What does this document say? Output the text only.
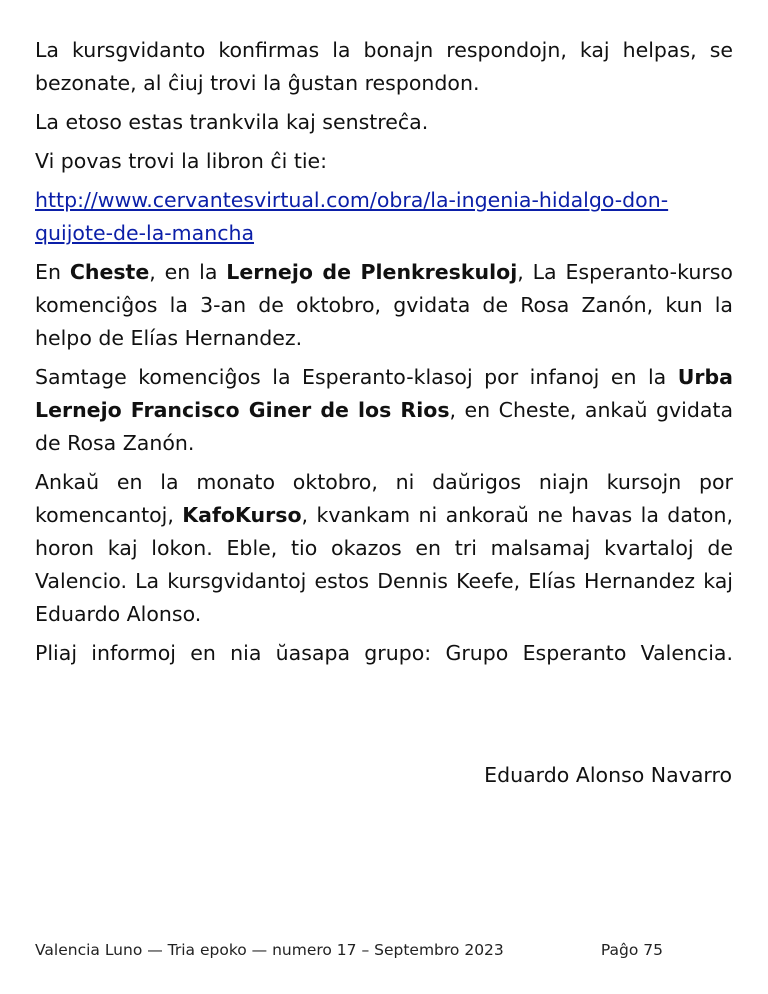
La kursgvidanto konfirmas la bonajn respondojn, kaj helpas, se bezonate, al ĉiuj trovi la ĝustan respondon.

La etoso estas trankvila kaj senstreĉa.

Vi povas trovi la libron ĉi tie:

http://www.cervantesvirtual.com/obra/la-ingenia-hidalgo-don-quijote-de-la-mancha

En Cheste, en la Lernejo de Plenkreskuloj, La Esperanto-kurso komenciĝos la 3-an de oktobro, gvidata de Rosa Zanón, kun la helpo de Elías Hernandez.

Samtage komenciĝos la Esperanto-klasoj por infanoj en la Urba Lernejo Francisco Giner de los Rios, en Cheste, ankaŭ gvidata de Rosa Zanón.

Ankaŭ en la monato oktobro, ni daŭrigos niajn kursojn por komencantoj, KafoKurso, kvankam ni ankoraŭ ne havas la daton, horon kaj lokon. Eble, tio okazos en tri malsamaj kvartaloj de Valencio. La kursgvidantoj estos Dennis Keefe, Elías Hernandez kaj Eduardo Alonso.

Pliaj informoj en nia ŭasapa grupo: Grupo Esperanto Valencia.

Eduardo Alonso Navarro
Valencia Luno — Tria epoko — numero 17 – Septembro 2023	Paĝo 75
